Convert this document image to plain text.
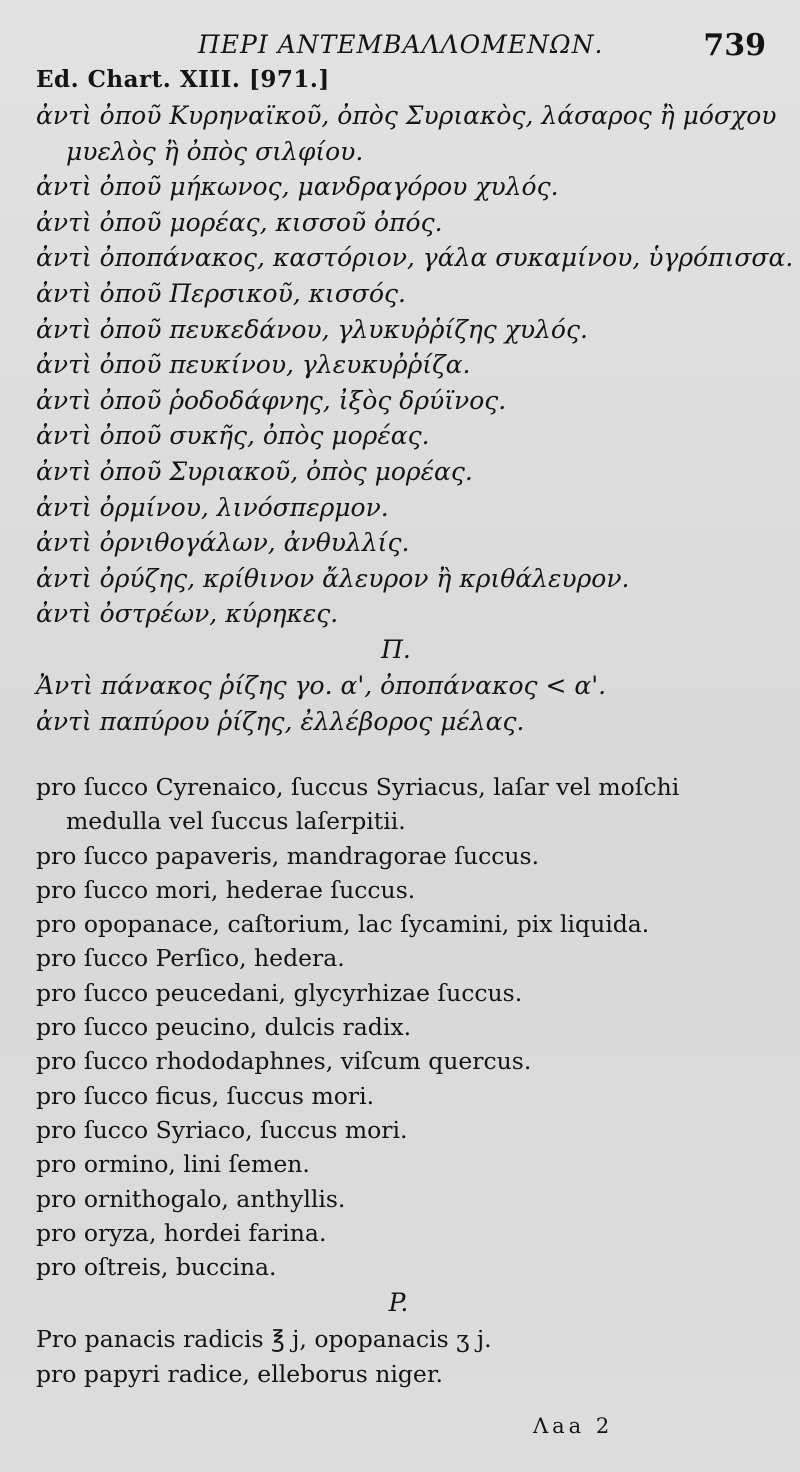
ΠΕΡΙ ΑΝΤΕΜΒΑΛΛΟΜΕΝΩΝ.	739
Ed. Chart. XIII. [971.]
ἀντὶ ὀποῦ Κυρηναϊκοῦ, ὀπὸς Συριακὸς, λάσαρος ἢ μόσχου
μυελὸς ἢ ὀπὸς σιλφίου.
ἀντὶ ὀποῦ μήκωνος, μανδραγόρου χυλός.
ἀντὶ ὀποῦ μορέας, κισσοῦ ὀπός.
ἀντὶ ὀποπάνακος, καστόριον, γάλα συκαμίνου, ὑγρόπισσα.
ἀντὶ ὀποῦ Περσικοῦ, κισσός.
ἀντὶ ὀποῦ πευκεδάνου, γλυκυῤῥίζης χυλός.
ἀντὶ ὀποῦ πευκίνου, γλευκυῤῥίζα.
ἀντὶ ὀποῦ ῥοδοδάφνης, ἰξὸς δρύϊνος.
ἀντὶ ὀποῦ συκῆς, ὀπὸς μορέας.
ἀντὶ ὀποῦ Συριακοῦ, ὀπὸς μορέας.
ἀντὶ ὀρμίνου, λινόσπερμον.
ἀντὶ ὀρνιθογάλων, ἀνθυλλίς.
ἀντὶ ὀρύζης, κρίθινον ἄλευρον ἢ κριθάλευρον.
ἀντὶ ὀστρέων, κύρηκες.
Π.
Ἀντὶ πάνακος ῥίζης γο. α', ὀποπάνακος < α'.
ἀντὶ παπύρου ῥίζης, ἐλλέβορος μέλας.
pro ſucco Cyrenaico, ſuccus Syriacus, laſar vel moſchi
medulla vel ſuccus laſerpitii.
pro ſucco papaveris, mandragorae ſuccus.
pro ſucco mori, hederae ſuccus.
pro opopanace, caſtorium, lac ſycamini, pix liquida.
pro ſucco Perſico, hedera.
pro ſucco peucedani, glycyrhizae ſuccus.
pro ſucco peucino, dulcis radix.
pro ſucco rhododaphnes, viſcum quercus.
pro ſucco ficus, ſuccus mori.
pro ſucco Syriaco, ſuccus mori.
pro ormino, lini ſemen.
pro ornithogalo, anthyllis.
pro oryza, hordei farina.
pro oſtreis, buccina.
P.
Pro panacis radicis ℥ j, opopanacis ʒ j.
pro papyri radice, elleborus niger.
Λaa 2
